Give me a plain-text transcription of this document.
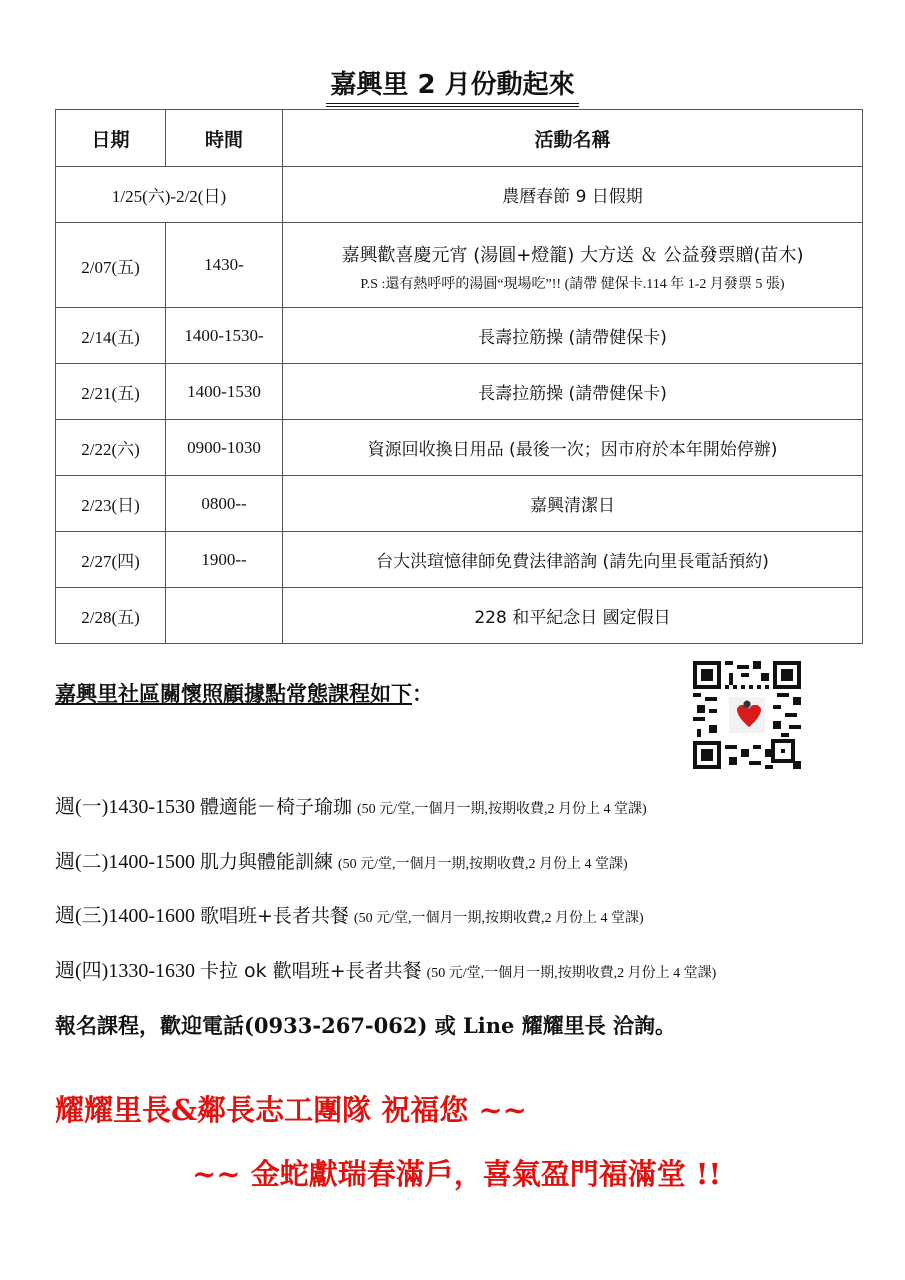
嘉興里 2 月份動起來
日期	時間	活動名稱
1/25(六)-2/2(日)		農曆春節 9 日假期
2/07(五)	1430-	嘉興歡喜慶元宵 (湯圓+燈籠) 大方送 ＆ 公益發票贈(苗木)
P.S :還有熱呼呼的湯圓“現場吃”!! (請帶 健保卡.114 年 1-2 月發票 5 張)

2/14(五)	1400-1530-	長壽拉筋操 (請帶健保卡)
2/21(五)	1400-1530	長壽拉筋操 (請帶健保卡)
2/22(六)	0900-1030	資源回收換日用品 (最後一次；因市府於本年開始停辦)
2/23(日)	0800--	嘉興清潔日
2/27(四)	1900--	台大洪瑄憶律師免費法律諮詢 (請先向里長電話預約)
2/28(五)		228 和平紀念日 國定假日
嘉興里社區關懷照顧據點常態課程如下：
週(一)1430-1530 體適能－椅子瑜珈 (50 元/堂,一個月一期,按期收費,2 月份上 4 堂課)
週(二)1400-1500 肌力與體能訓練 (50 元/堂,一個月一期,按期收費,2 月份上 4 堂課)
週(三)1400-1600 歌唱班+長者共餐 (50 元/堂,一個月一期,按期收費,2 月份上 4 堂課)
週(四)1330-1630 卡拉 ok 歡唱班+長者共餐 (50 元/堂,一個月一期,按期收費,2 月份上 4 堂課)
報名課程，歡迎電話(0933-267-062) 或 Line 耀耀里長 洽詢。
耀耀里長&鄰長志工團隊 祝福您 ~~
~~ 金蛇獻瑞春滿戶，喜氣盈門福滿堂 !!
